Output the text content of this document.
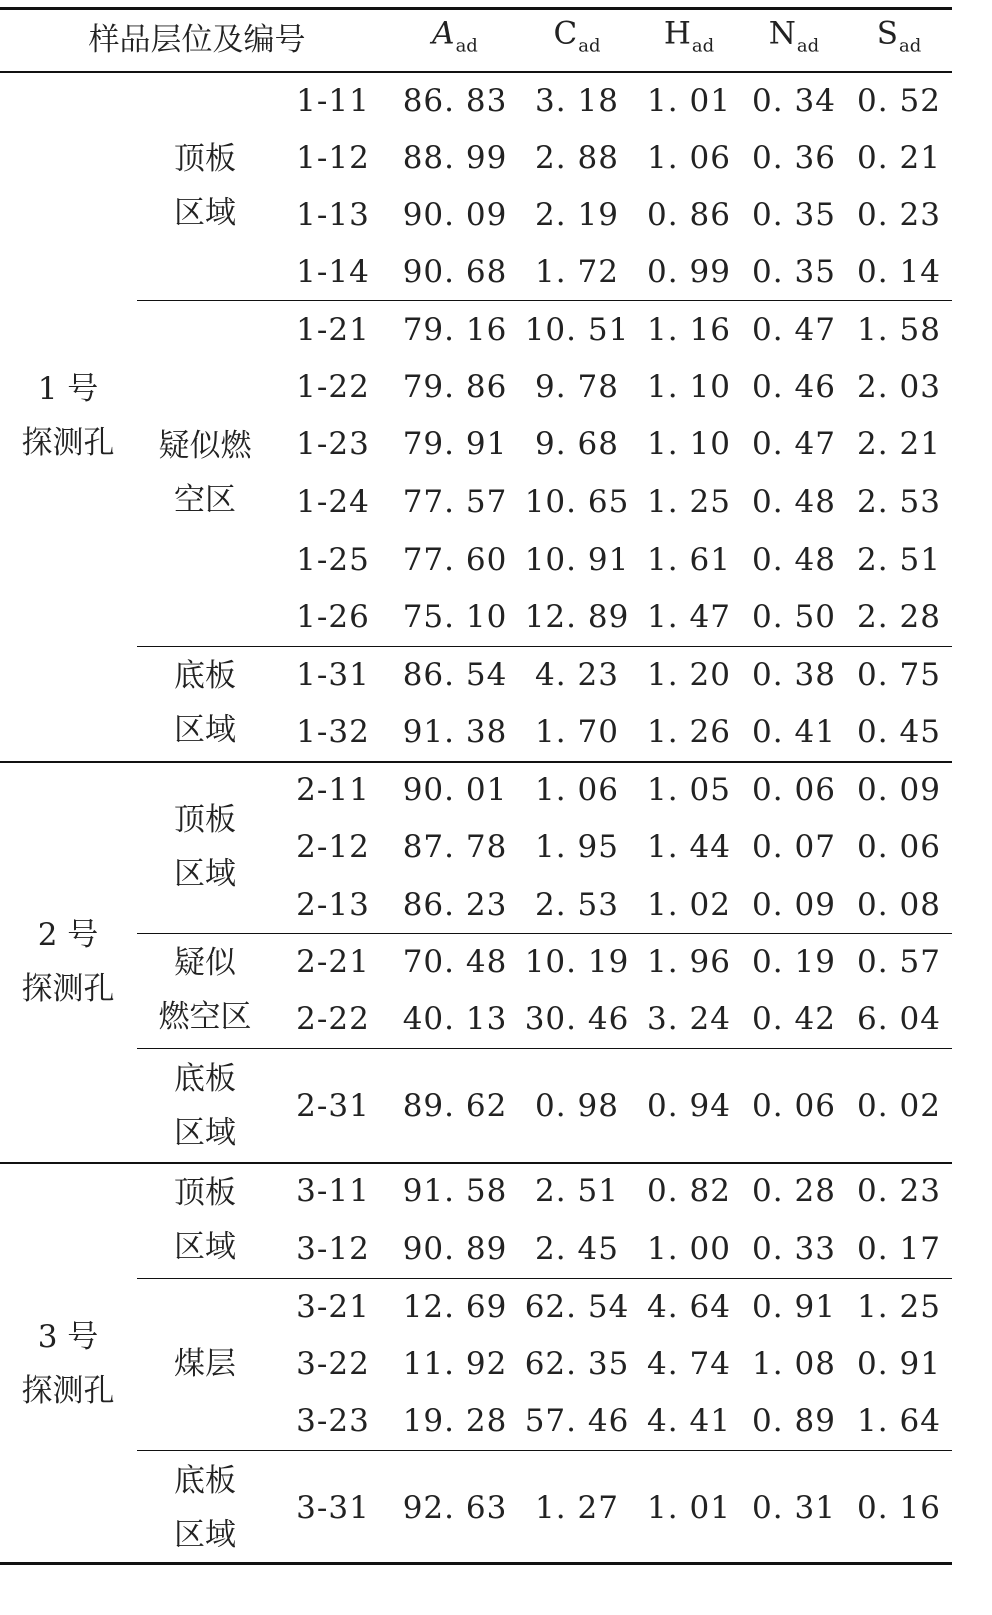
样品层位及编号	$A_{ad}$ $C_{ad}$ $H_{ad}$ $N_{ad}$ $S_{ad}$
1 号
探测孔
顶板
区域
1-11 86. 83 3. 18 1. 01 0. 34 0. 52
1-12 88. 99 2. 88 1. 06 0. 36 0. 21
1-13 90. 09 2. 19 0. 86 0. 35 0. 23
1-14 90. 68 1. 72 0. 99 0. 35 0. 14
疑似燃
空区
1-21 79. 16 10. 51 1. 16 0. 47 1. 58
1-22 79. 86 9. 78 1. 10 0. 46 2. 03
1-23 79. 91 9. 68 1. 10 0. 47 2. 21
1-24 77. 57 10. 65 1. 25 0. 48 2. 53
1-25 77. 60 10. 91 1. 61 0. 48 2. 51
1-26 75. 10 12. 89 1. 47 0. 50 2. 28
底板
区域
1-31 86. 54 4. 23 1. 20 0. 38 0. 75
1-32 91. 38 1. 70 1. 26 0. 41 0. 45
2 号
探测孔
顶板
区域
2-11 90. 01 1. 06 1. 05 0. 06 0. 09
2-12 87. 78 1. 95 1. 44 0. 07 0. 06
2-13 86. 23 2. 53 1. 02 0. 09 0. 08
疑似
燃空区
2-21 70. 48 10. 19 1. 96 0. 19 0. 57
2-22 40. 13 30. 46 3. 24 0. 42 6. 04
底板
区域
2-31 89. 62 0. 98 0. 94 0. 06 0. 02
3 号
探测孔
顶板
区域
3-11 91. 58 2. 51 0. 82 0. 28 0. 23
3-12 90. 89 2. 45 1. 00 0. 33 0. 17
煤层
3-21 12. 69 62. 54 4. 64 0. 91 1. 25
3-22 11. 92 62. 35 4. 74 1. 08 0. 91
3-23 19. 28 57. 46 4. 41 0. 89 1. 64
底板
区域
3-31 92. 63 1. 27 1. 01 0. 31 0. 16
